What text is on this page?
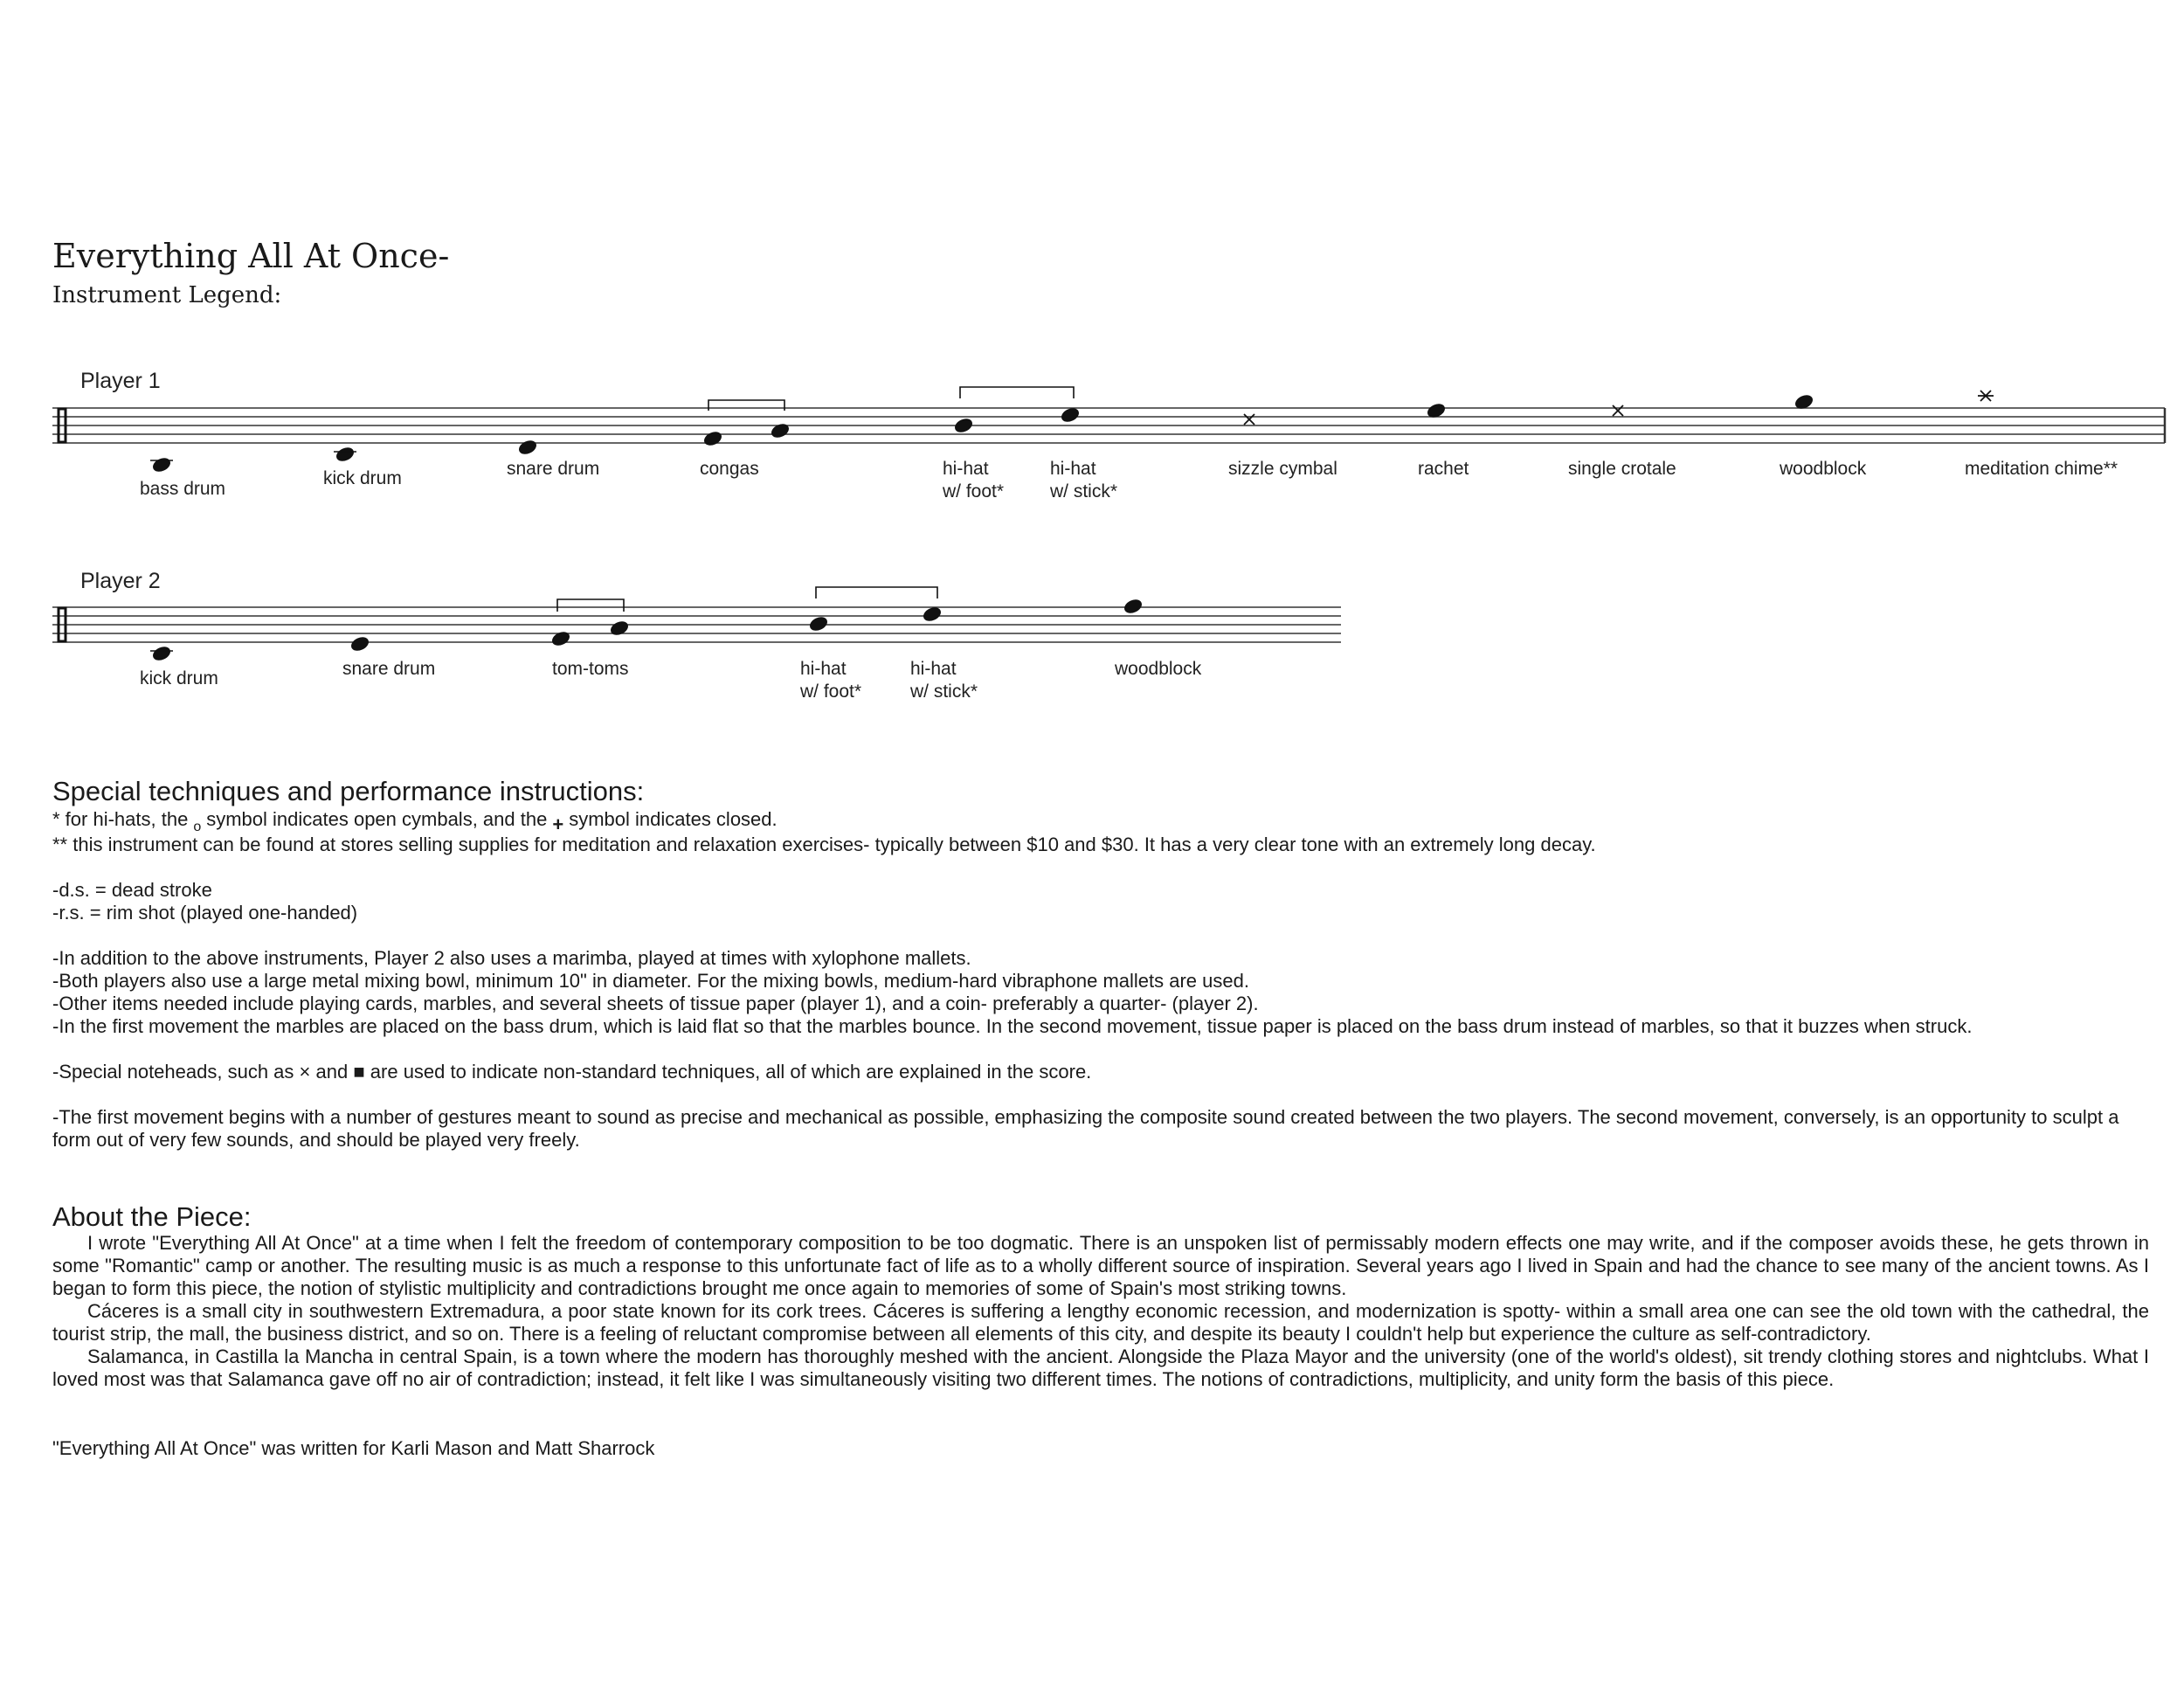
Everything All At Once-
Instrument Legend:
Player 1
bass drum
kick drum	snare drum	congas	hi-hat
w/ foot*
hi-hat
w/ stick*
sizzle cymbal	rachet	single crotale	woodblock	meditation chime**
Player 2
kick drum	snare drum	tom-toms	hi-hat
w/ foot*
hi-hat
w/ stick*
woodblock
Special techniques and performance instructions:

* for hi-hats, the o symbol indicates open cymbals, and the + symbol indicates closed.

** this instrument can be found at stores selling supplies for meditation and relaxation exercises- typically between $10 and $30. It has a very clear tone with an extremely long decay.

-d.s. = dead stroke

-r.s. = rim shot (played one-handed)

-In addition to the above instruments, Player 2 also uses a marimba, played at times with xylophone mallets.

-Both players also use a large metal mixing bowl, minimum 10" in diameter. For the mixing bowls, medium-hard vibraphone mallets are used.

-Other items needed include playing cards, marbles, and several sheets of tissue paper (player 1), and a coin- preferably a quarter- (player 2).

-In the first movement the marbles are placed on the bass drum, which is laid flat so that the marbles bounce. In the second movement, tissue paper is placed on the bass drum instead of marbles, so that it buzzes when struck.

-Special noteheads, such as × and ■ are used to indicate non-standard techniques, all of which are explained in the score.

-The first movement begins with a number of gestures meant to sound as precise and mechanical as possible, emphasizing the composite sound created between the two players. The second movement, conversely, is an opportunity to sculpt a form out of very few sounds, and should be played very freely.

About the Piece:

I wrote "Everything All At Once" at a time when I felt the freedom of contemporary composition to be too dogmatic. There is an unspoken list of permissably modern effects one may write, and if the composer avoids these, he gets thrown in some "Romantic" camp or another. The resulting music is as much a response to this unfortunate fact of life as to a wholly different source of inspiration. Several years ago I lived in Spain and had the chance to see many of the ancient towns. As I began to form this piece, the notion of stylistic multiplicity and contradictions brought me once again to memories of some of Spain's most striking towns.

Cáceres is a small city in southwestern Extremadura, a poor state known for its cork trees. Cáceres is suffering a lengthy economic recession, and modernization is spotty- within a small area one can see the old town with the cathedral, the tourist strip, the mall, the business district, and so on. There is a feeling of reluctant compromise between all elements of this city, and despite its beauty I couldn't help but experience the culture as self-contradictory.

Salamanca, in Castilla la Mancha in central Spain, is a town where the modern has thoroughly meshed with the ancient. Alongside the Plaza Mayor and the university (one of the world's oldest), sit trendy clothing stores and nightclubs. What I loved most was that Salamanca gave off no air of contradiction; instead, it felt like I was simultaneously visiting two different times. The notions of contradictions, multiplicity, and unity form the basis of this piece.

"Everything All At Once" was written for Karli Mason and Matt Sharrock
